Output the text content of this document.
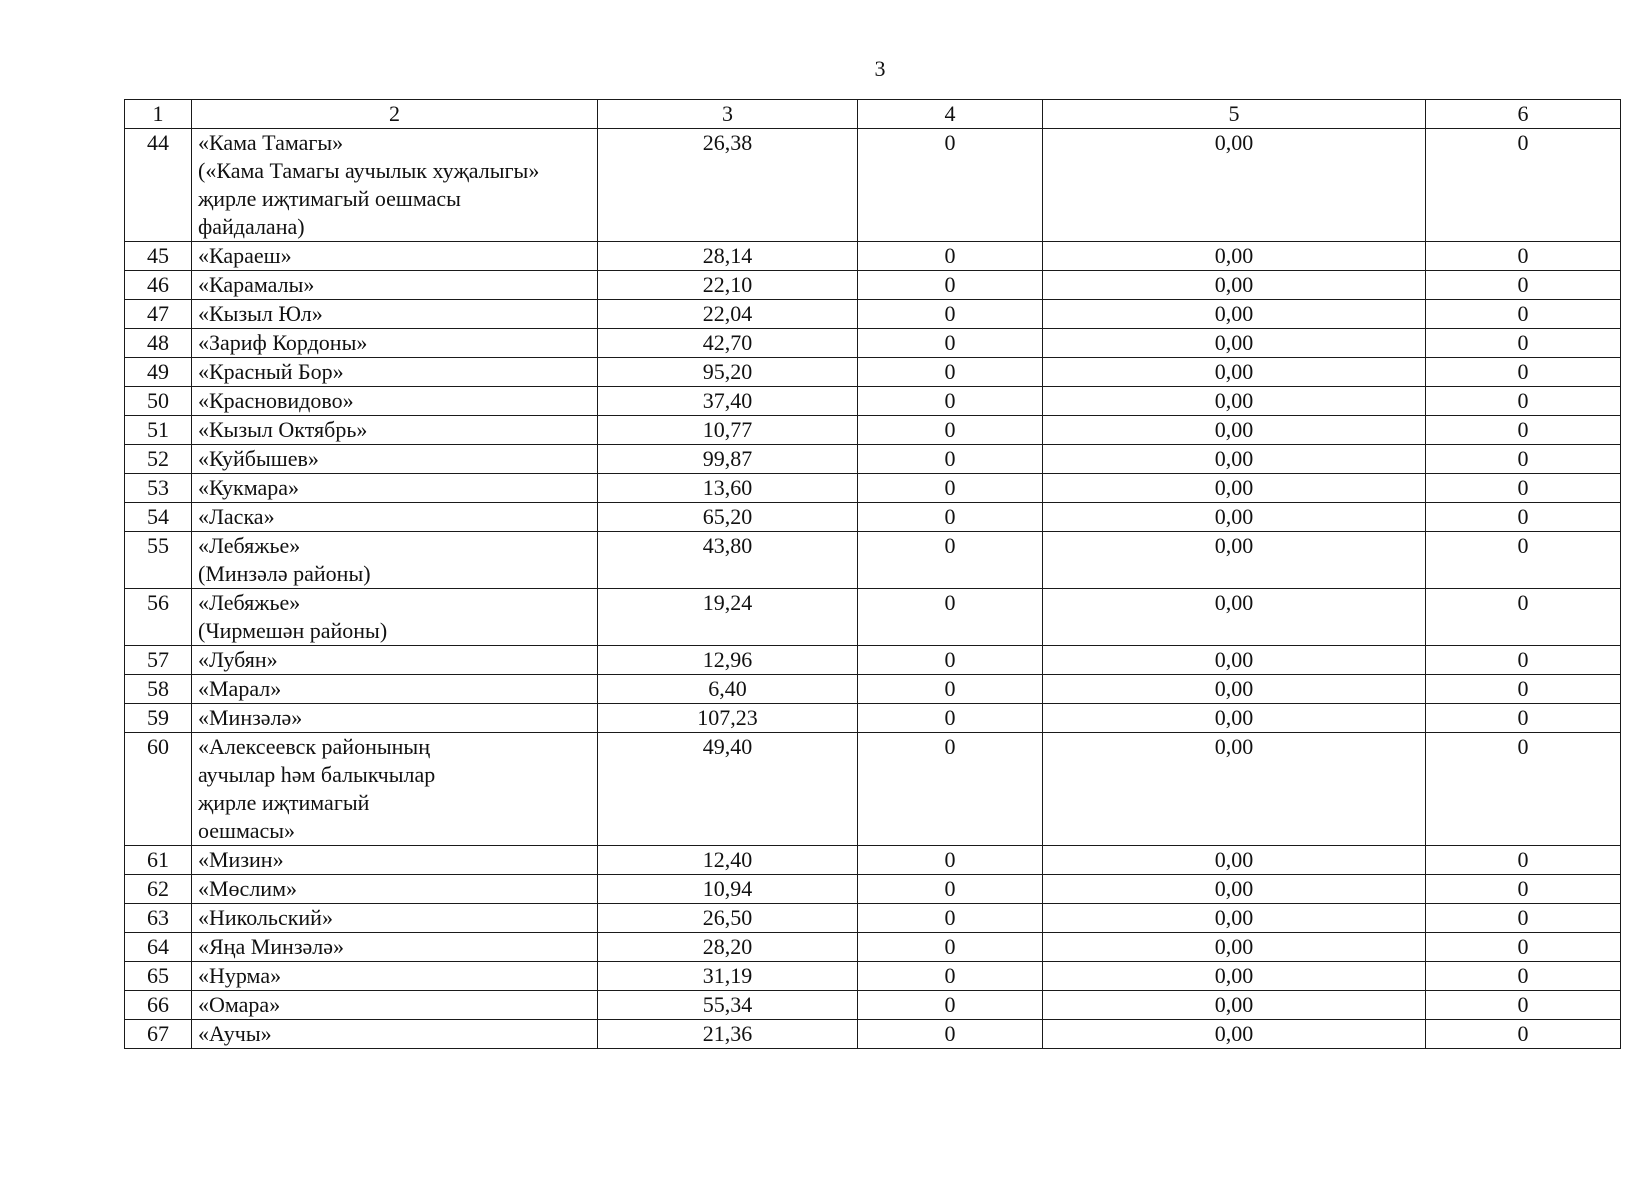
3
1	2	3	4	5	6
44	«Кама Тамагы»
(«Кама Тамагы аучылык хуҗалыгы»
җирле иҗтимагый оешмасы
файдалана)	26,38	0	0,00	0
45	«Караеш»	28,14	0	0,00	0
46	«Карамалы»	22,10	0	0,00	0
47	«Кызыл Юл»	22,04	0	0,00	0
48	«Зариф Кордоны»	42,70	0	0,00	0
49	«Красный Бор»	95,20	0	0,00	0
50	«Красновидово»	37,40	0	0,00	0
51	«Кызыл Октябрь»	10,77	0	0,00	0
52	«Куйбышев»	99,87	0	0,00	0
53	«Кукмара»	13,60	0	0,00	0
54	«Ласка»	65,20	0	0,00	0
55	«Лебяжье»
(Минзәлә районы)	43,80	0	0,00	0
56	«Лебяжье»
(Чирмешән районы)	19,24	0	0,00	0
57	«Лубян»	12,96	0	0,00	0
58	«Марал»	6,40	0	0,00	0
59	«Минзәлә»	107,23	0	0,00	0
60	«Алексеевск районының
аучылар һәм балыкчылар
җирле иҗтимагый
оешмасы»	49,40	0	0,00	0
61	«Мизин»	12,40	0	0,00	0
62	«Мөслим»	10,94	0	0,00	0
63	«Никольский»	26,50	0	0,00	0
64	«Яңа Минзәлә»	28,20	0	0,00	0
65	«Нурма»	31,19	0	0,00	0
66	«Омара»	55,34	0	0,00	0
67	«Аучы»	21,36	0	0,00	0
